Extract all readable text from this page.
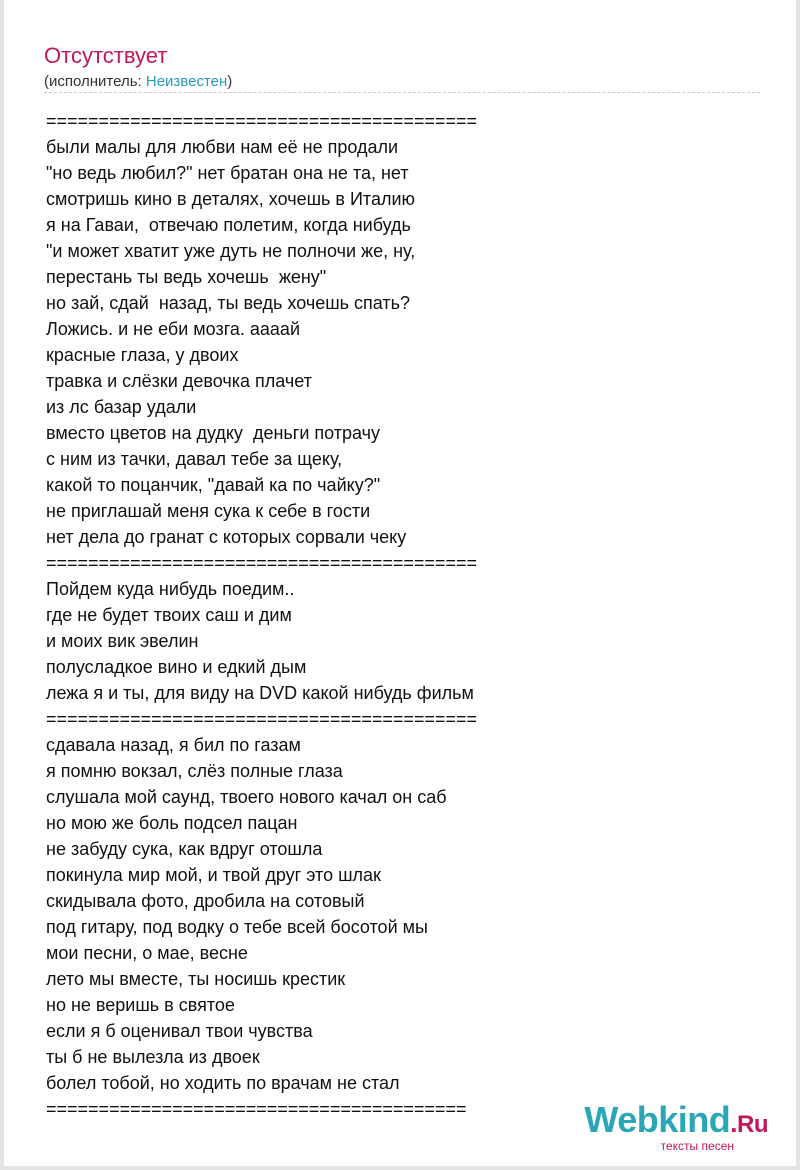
Отсутствует
(исполнитель: Неизвестен)
=========================================
были малы для любви нам её не продали
"но ведь любил?" нет братан она не та, нет
смотришь кино в деталях, хочешь в Италию
я на Гаваи,  отвечаю полетим, когда нибудь
"и может хватит уже дуть не полночи же, ну,
перестань ты ведь хочешь  жену"
но зай, сдай  назад, ты ведь хочешь спать?
Ложись. и не еби мозга. аааай
красные глаза, у двоих
травка и слёзки девочка плачет
из лс базар удали
вместо цветов на дудку  деньги потрачу
с ним из тачки, давал тебе за щеку,
какой то поцанчик, "давай ка по чайку?"
не приглашай меня сука к себе в гости
нет дела до гранат с которых сорвали чеку
=========================================
Пойдем куда нибудь поедим..
где не будет твоих саш и дим
и моих вик эвелин
полусладкое вино и едкий дым
лежа я и ты, для виду на DVD какой нибудь фильм
=========================================
сдавала назад, я бил по газам
я помню вокзал, слёз полные глаза
слушала мой саунд, твоего нового качал он саб
но мою же боль подсел пацан
не забуду сука, как вдруг отошла
покинула мир мой, и твой друг это шлак
скидывала фото, дробила на сотовый
под гитару, под водку о тебе всей босотой мы
мои песни, о мае, весне
лето мы вместе, ты носишь крестик
но не веришь в святое
если я б оценивал твои чувства
ты б не вылезла из двоек
болел тобой, но ходить по врачам не стал
========================================	Webkind.Ru
тексты песен
